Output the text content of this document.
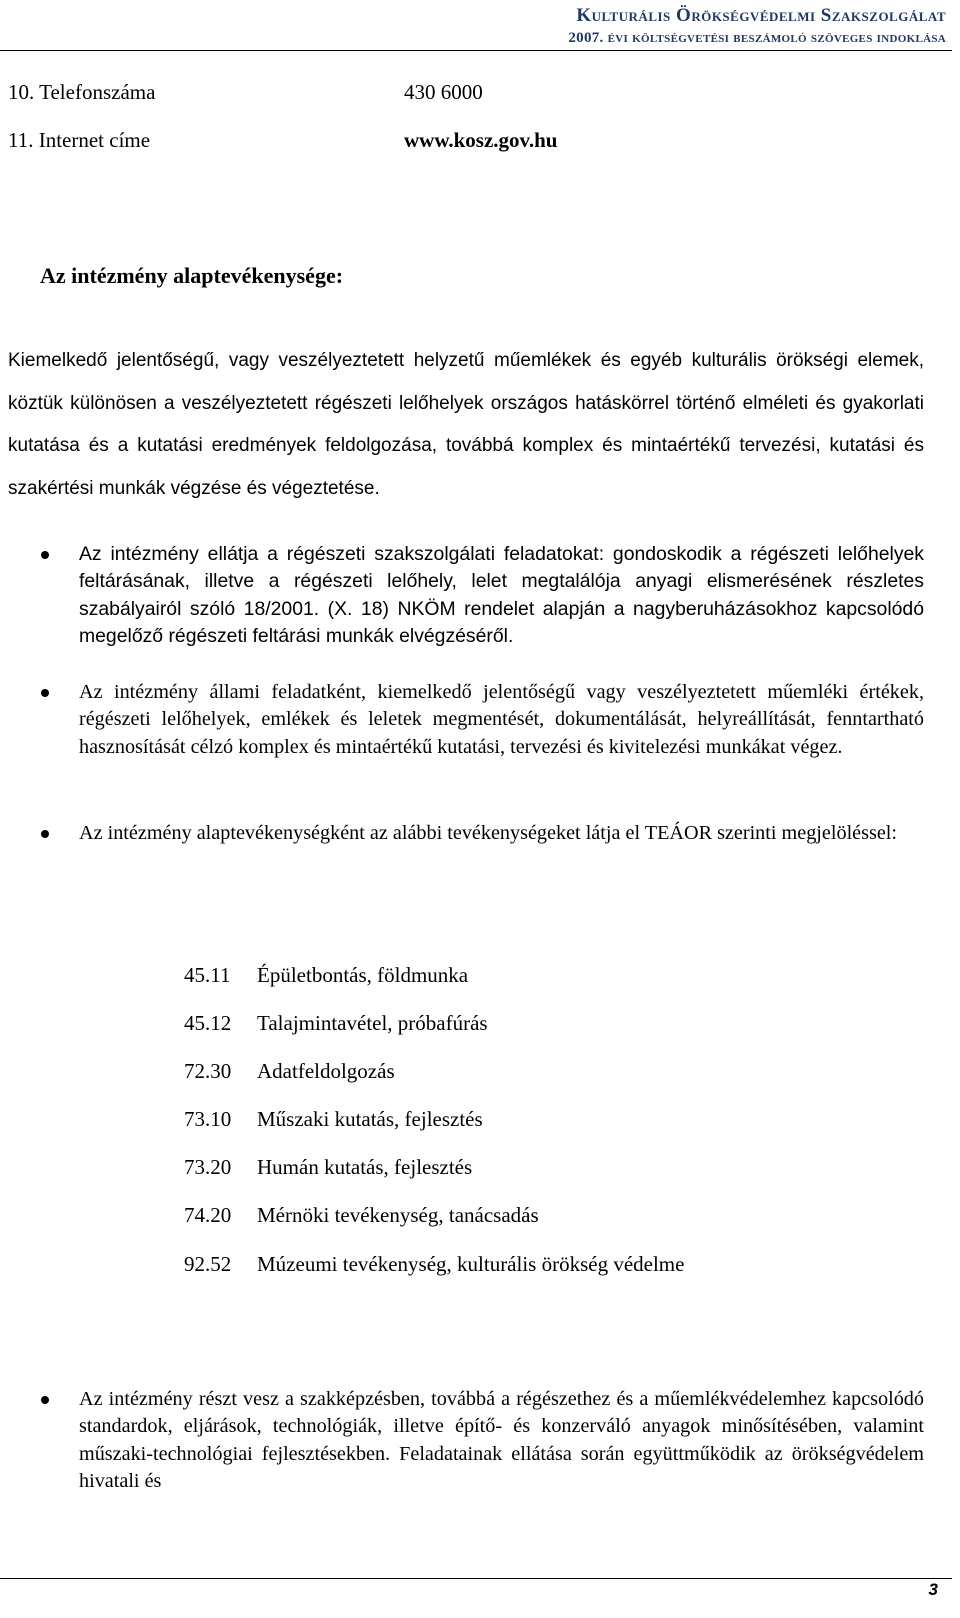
Kulturális Örökségvédelmi Szakszolgálat
2007. évi költségvetési beszámoló szöveges indoklása
10. Telefonszáma	430 6000
11. Internet címe	www.kosz.gov.hu
Az intézmény alaptevékenysége:

Kiemelkedő jelentőségű, vagy veszélyeztetett helyzetű műemlékek és egyéb kulturális örökségi elemek, köztük különösen a veszélyeztetett régészeti lelőhelyek országos hatáskörrel történő elméleti és gyakorlati kutatása és a kutatási eredmények feldolgozása, továbbá komplex és mintaértékű tervezési, kutatási és szakértési munkák végzése és végeztetése.

Az intézmény ellátja a régészeti szakszolgálati feladatokat: gondoskodik a régészeti lelőhelyek feltárásának, illetve a régészeti lelőhely, lelet megtalálója anyagi elismerésének részletes szabályairól szóló 18/2001. (X. 18) NKÖM rendelet alapján a nagyberuházásokhoz kapcsolódó megelőző régészeti feltárási munkák elvégzéséről.
Az intézmény állami feladatként, kiemelkedő jelentőségű vagy veszélyeztetett műemléki értékek, régészeti lelőhelyek, emlékek és leletek megmentését, dokumentálását, helyreállítását, fenntartható hasznosítását célzó komplex és mintaértékű kutatási, tervezési és kivitelezési munkákat végez.
Az intézmény alaptevékenységként az alábbi tevékenységeket látja el TEÁOR szerinti megjelöléssel:
Az intézmény részt vesz a szakképzésben, továbbá a régészethez és a műemlékvédelemhez kapcsolódó standardok, eljárások, technológiák, illetve építő- és konzerváló anyagok minősítésében, valamint műszaki-technológiai fejlesztésekben. Feladatainak ellátása során együttműködik az örökségvédelem hivatali és
45.11	Épületbontás, földmunka
45.12	Talajmintavétel, próbafúrás
72.30	Adatfeldolgozás
73.10	Műszaki kutatás, fejlesztés
73.20	Humán kutatás, fejlesztés
74.20	Mérnöki tevékenység, tanácsadás
92.52	Múzeumi tevékenység, kulturális örökség védelme
3
